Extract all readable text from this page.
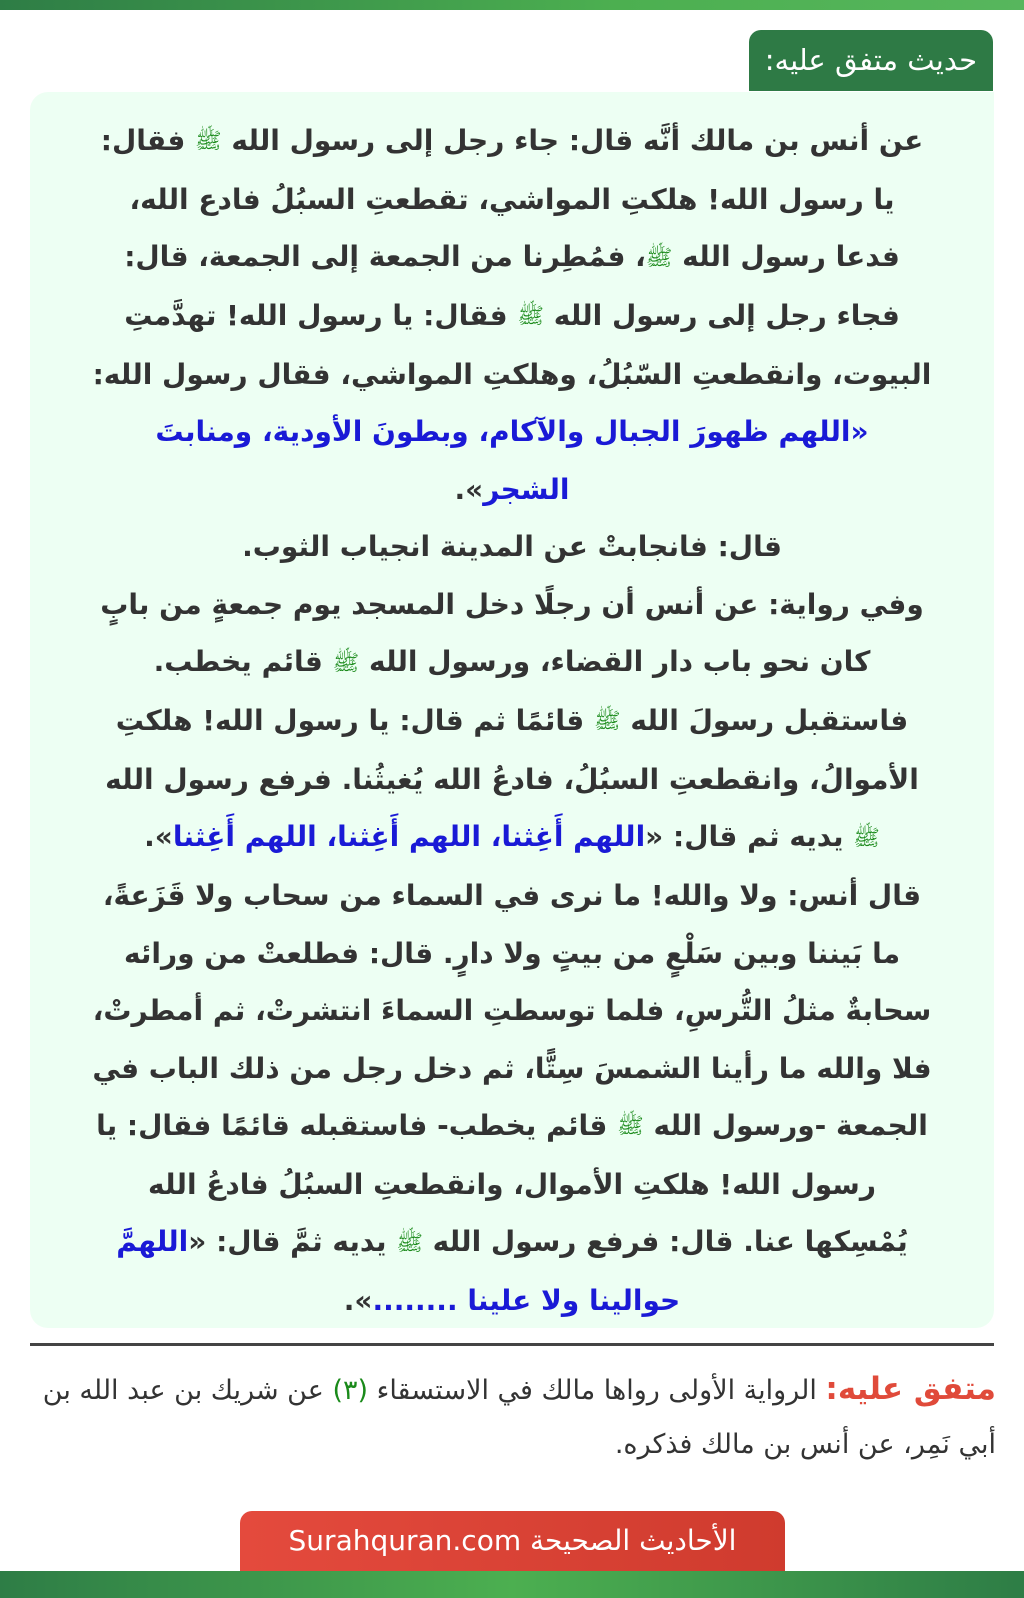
حديث متفق عليه:

عن أنس بن مالك أنَّه قال: جاء رجل إلى رسول الله ﷺ فقال:
يا رسول الله! هلكتِ المواشي، تقطعتِ السبُلُ فادع الله،
فدعا رسول الله ﷺ، فمُطِرنا من الجمعة إلى الجمعة، قال:
فجاء رجل إلى رسول الله ﷺ فقال: يا رسول الله! تهدَّمتِ
البيوت، وانقطعتِ السّبُلُ، وهلكتِ المواشي، فقال رسول الله:
«اللهم ظهورَ الجبال والآكام، وبطونَ الأودية، ومنابتَ
الشجر».
قال: فانجابتْ عن المدينة انجياب الثوب.
وفي رواية: عن أنس أن رجلًا دخل المسجد يوم جمعةٍ من بابٍ
كان نحو باب دار القضاء، ورسول الله ﷺ قائم يخطب.
فاستقبل رسولَ الله ﷺ قائمًا ثم قال: يا رسول الله! هلكتِ
الأموالُ، وانقطعتِ السبُلُ، فادعُ الله يُغيثُنا. فرفع رسول الله
ﷺ يديه ثم قال: «اللهم أَغِثنا، اللهم أَغِثنا، اللهم أَغِثنا».
قال أنس: ولا والله! ما نرى في السماء من سحاب ولا قَزَعةً،
ما بَيننا وبين سَلْعٍ من بيتٍ ولا دارٍ. قال: فطلعتْ من ورائه
سحابةٌ مثلُ التُّرسِ، فلما توسطتِ السماءَ انتشرتْ، ثم أمطرتْ،
فلا والله ما رأينا الشمسَ سِتًّا، ثم دخل رجل من ذلك الباب في
الجمعة -ورسول الله ﷺ قائم يخطب- فاستقبله قائمًا فقال: يا
رسول الله! هلكتِ الأموال، وانقطعتِ السبُلُ فادعُ الله
يُمْسِكها عنا. قال: فرفع رسول الله ﷺ يديه ثمَّ قال: «اللهمَّ
حوالينا ولا علينا ........».

متفق عليه: الرواية الأولى رواها مالك في الاستسقاء (٣) عن شريك بن عبد الله بن أبي نَمِر، عن أنس بن مالك فذكره.
الأحاديث الصحيحة Surahquran.com
